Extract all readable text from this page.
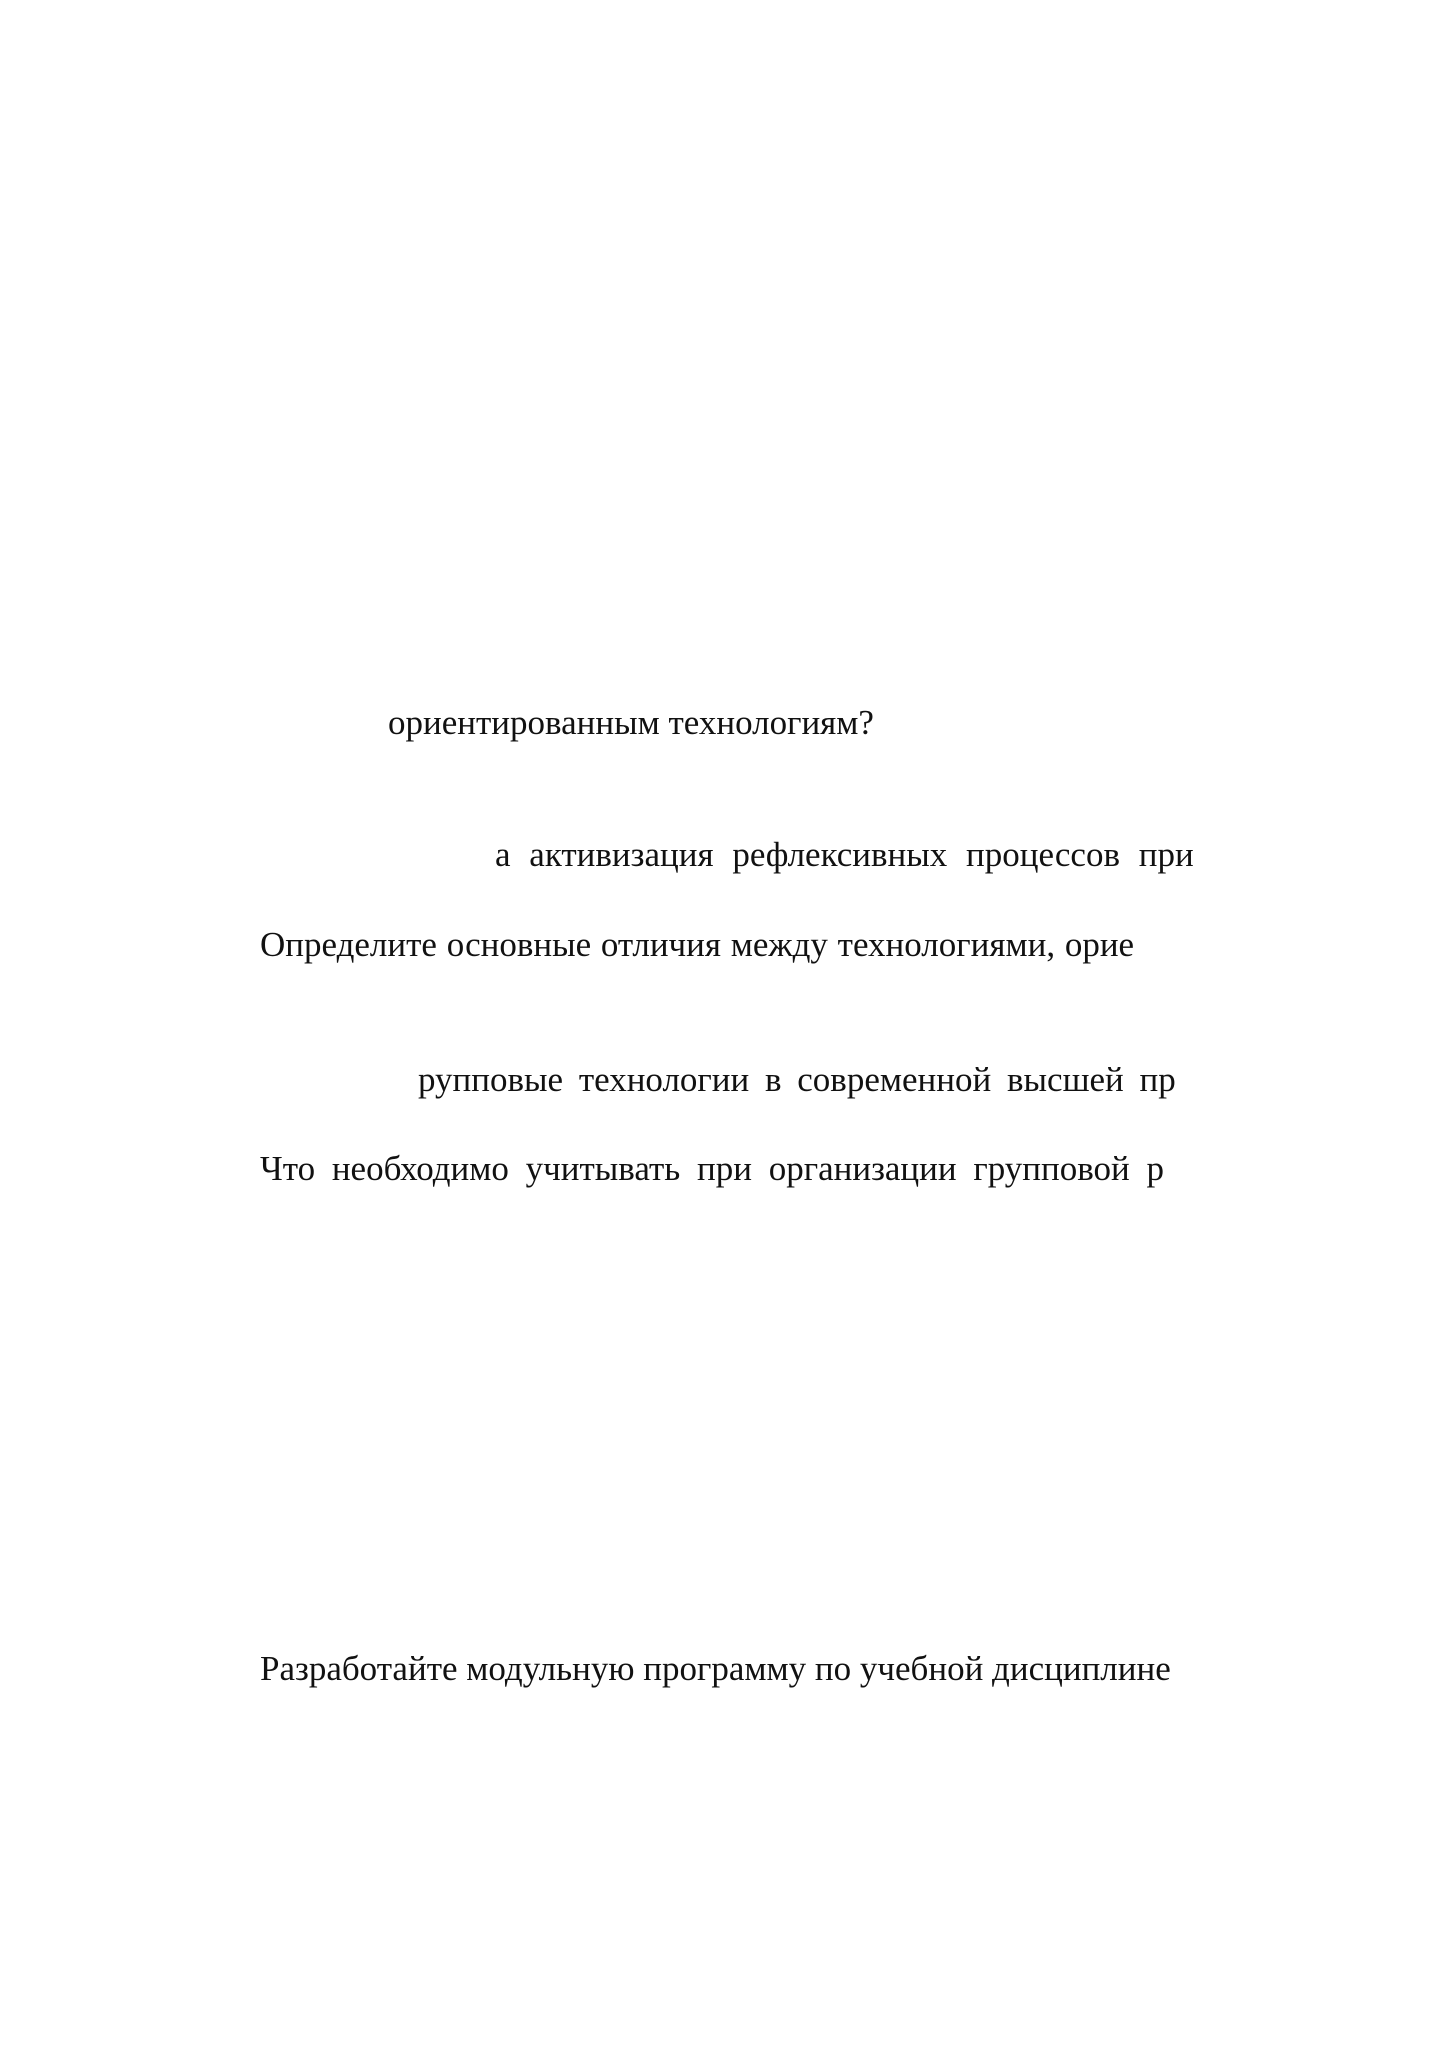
ориентированным технологиям?

а активизация рефлексивных процессов при

Определите основные отличия между технологиями, орие

рупповые технологии в современной высшей пр

Что необходимо учитывать при организации групповой р

Разработайте модульную программу по учебной дисциплине
